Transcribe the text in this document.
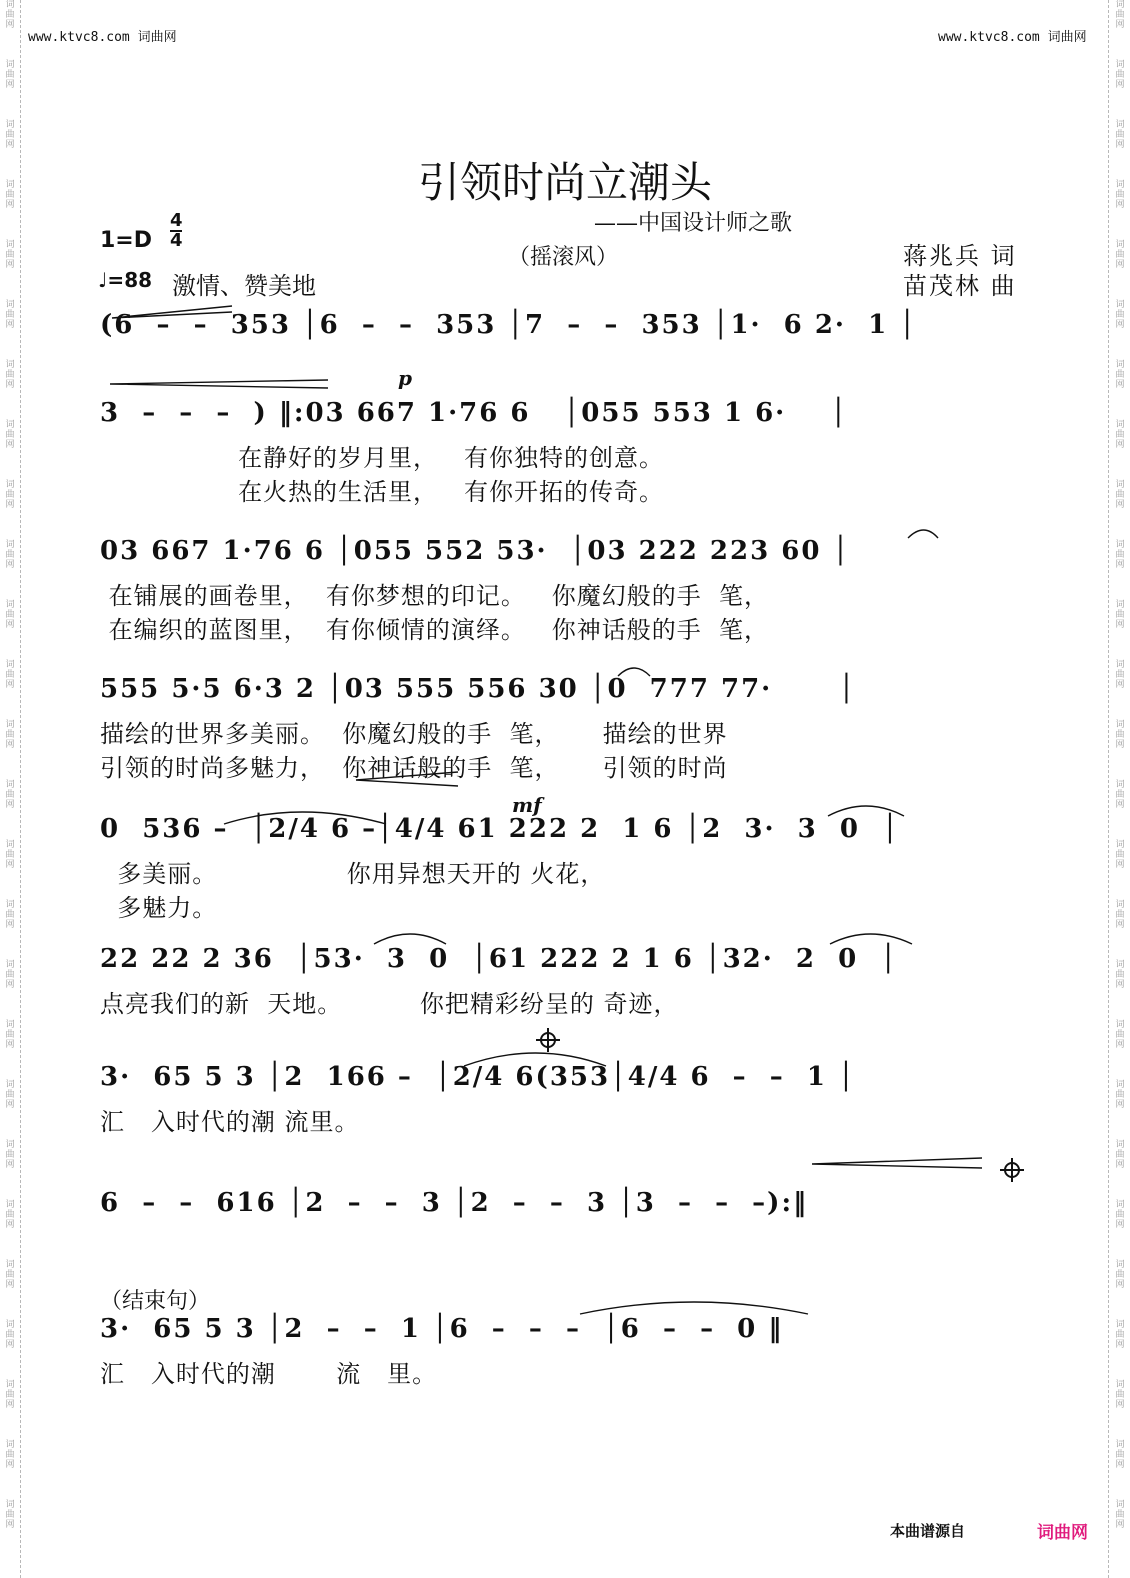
词
曲
网
词
曲
网
词
曲
网
词
曲
网
词
曲
网
词
曲
网
词
曲
网
词
曲
网
词
曲
网
词
曲
网
词
曲
网
词
曲
网
词
曲
网
词
曲
网
词
曲
网
词
曲
网
词
曲
网
词
曲
网
词
曲
网
词
曲
网
词
曲
网
词
曲
网
词
曲
网
词
曲
网
词
曲
网
词
曲
网
词
曲
网
词
曲
网
词
曲
网
词
曲
网
词
曲
网
词
曲
网
词
曲
网
词
曲
网
词
曲
网
词
曲
网
词
曲
网
词
曲
网
词
曲
网
词
曲
网
词
曲
网
词
曲
网
词
曲
网
词
曲
网
词
曲
网
词
曲
网
词
曲
网
词
曲
网
词
曲
网
词
曲
网
词
曲
网
词
曲
网
www.ktvc8.com 词曲网	www.ktvc8.com 词曲网
引领时尚立潮头
——中国设计师之歌
（摇滚风）
1=D
4
4
♩=88 激情、赞美地
蒋兆兵 词
苗茂林 曲
p
mf
(6  –  –  353 │6  –  –  353 │7  –  –  353 │1·  6 2·  1 │
3  –  –  –  ) ‖:03 667 1·76 6   │055 553 1 6·    │
在静好的岁月里，   有你独特的创意。
在火热的生活里，   有你开拓的传奇。
03 667 1·76 6 │055 552 53·  │03 222 223 60 │
在铺展的画卷里，  有你梦想的印记。   你魔幻般的手  笔，
在编织的蓝图里，  有你倾情的演绎。   你神话般的手  笔，
555 5·5 6·3 2 │03 555 556 30 │0  777 77·      │
描绘的世界多美丽。  你魔幻般的手  笔，     描绘的世界
引领的时尚多魅力，  你神话般的手  笔，     引领的时尚
0  536 –  │2/4 6 –│4/4 61 222 2  1 6 │2  3·  3  0  │
多美丽。               你用异想天开的 火花，
多魅力。
22 22 2 36  │53·  3  0  │61 222 2 1 6 │32·  2  0  │
点亮我们的新  天地。         你把精彩纷呈的 奇迹，
3·  65 5 3 │2  166 –  │2/4 6(353│4/4 6  –  –  1 │
汇   入时代的潮 流里。
6  –  –  616 │2  –  –  3 │2  –  –  3 │3  –  –  –):‖
3·  65 5 3 │2  –  –  1 │6  –  –  –  │6  –  –  0 ‖
汇   入时代的潮       流   里。
（结束句）
本曲谱源自	词曲网
